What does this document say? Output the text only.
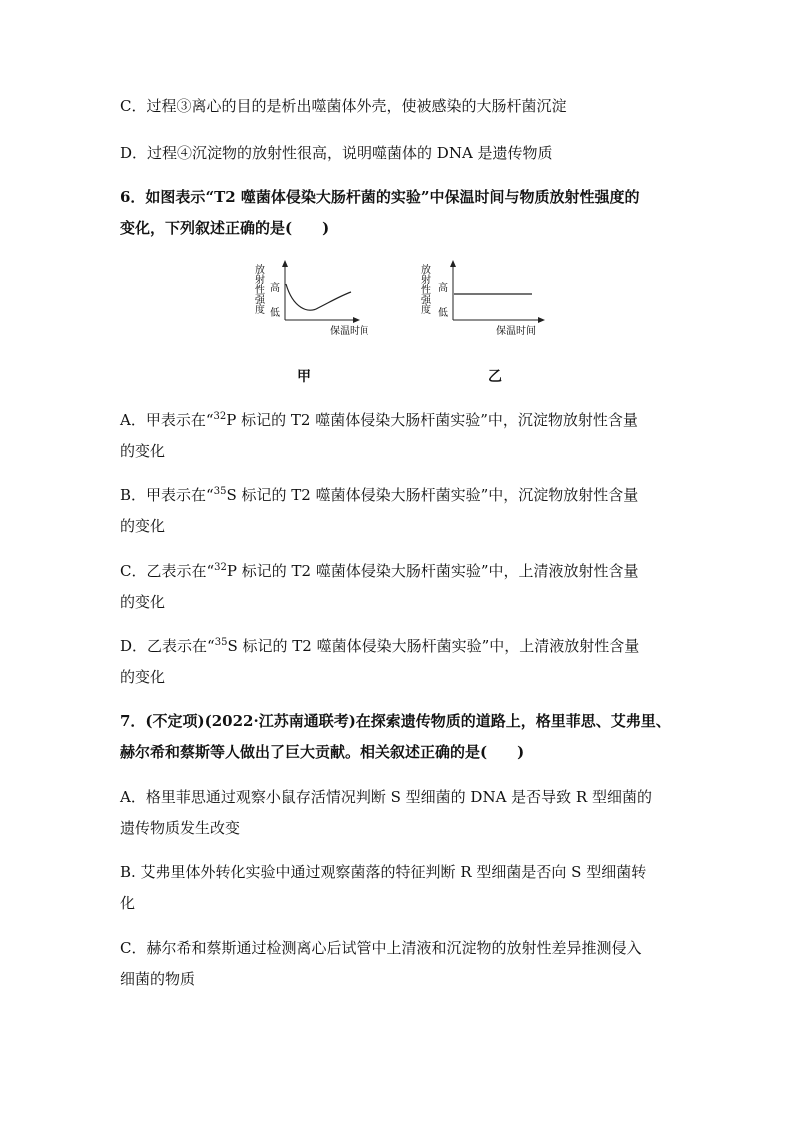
C．过程③离心的目的是析出噬菌体外壳，使被感染的大肠杆菌沉淀
D．过程④沉淀物的放射性很高，说明噬菌体的 DNA 是遗传物质
6．如图表示“T2 噬菌体侵染大肠杆菌的实验”中保温时间与物质放射性强度的
变化，下列叙述正确的是(　　)
放射性强度 高
低
保温时间
甲
放射性强度 高
低
保温时间
乙
A．甲表示在“$^{32}$P 标记的 T2 噬菌体侵染大肠杆菌实验”中，沉淀物放射性含量
的变化
B．甲表示在“$^{35}$S 标记的 T2 噬菌体侵染大肠杆菌实验”中，沉淀物放射性含量
的变化
C．乙表示在“$^{32}$P 标记的 T2 噬菌体侵染大肠杆菌实验”中，上清液放射性含量
的变化
D．乙表示在“$^{35}$S 标记的 T2 噬菌体侵染大肠杆菌实验”中，上清液放射性含量
的变化
7．(不定项)(2022·江苏南通联考)在探索遗传物质的道路上，格里菲思、艾弗里、
赫尔希和蔡斯等人做出了巨大贡献。相关叙述正确的是(　　)
A．格里菲思通过观察小鼠存活情况判断 S 型细菌的 DNA 是否导致 R 型细菌的
遗传物质发生改变
B. 艾弗里体外转化实验中通过观察菌落的特征判断 R 型细菌是否向 S 型细菌转
化
C．赫尔希和蔡斯通过检测离心后试管中上清液和沉淀物的放射性差异推测侵入
细菌的物质
